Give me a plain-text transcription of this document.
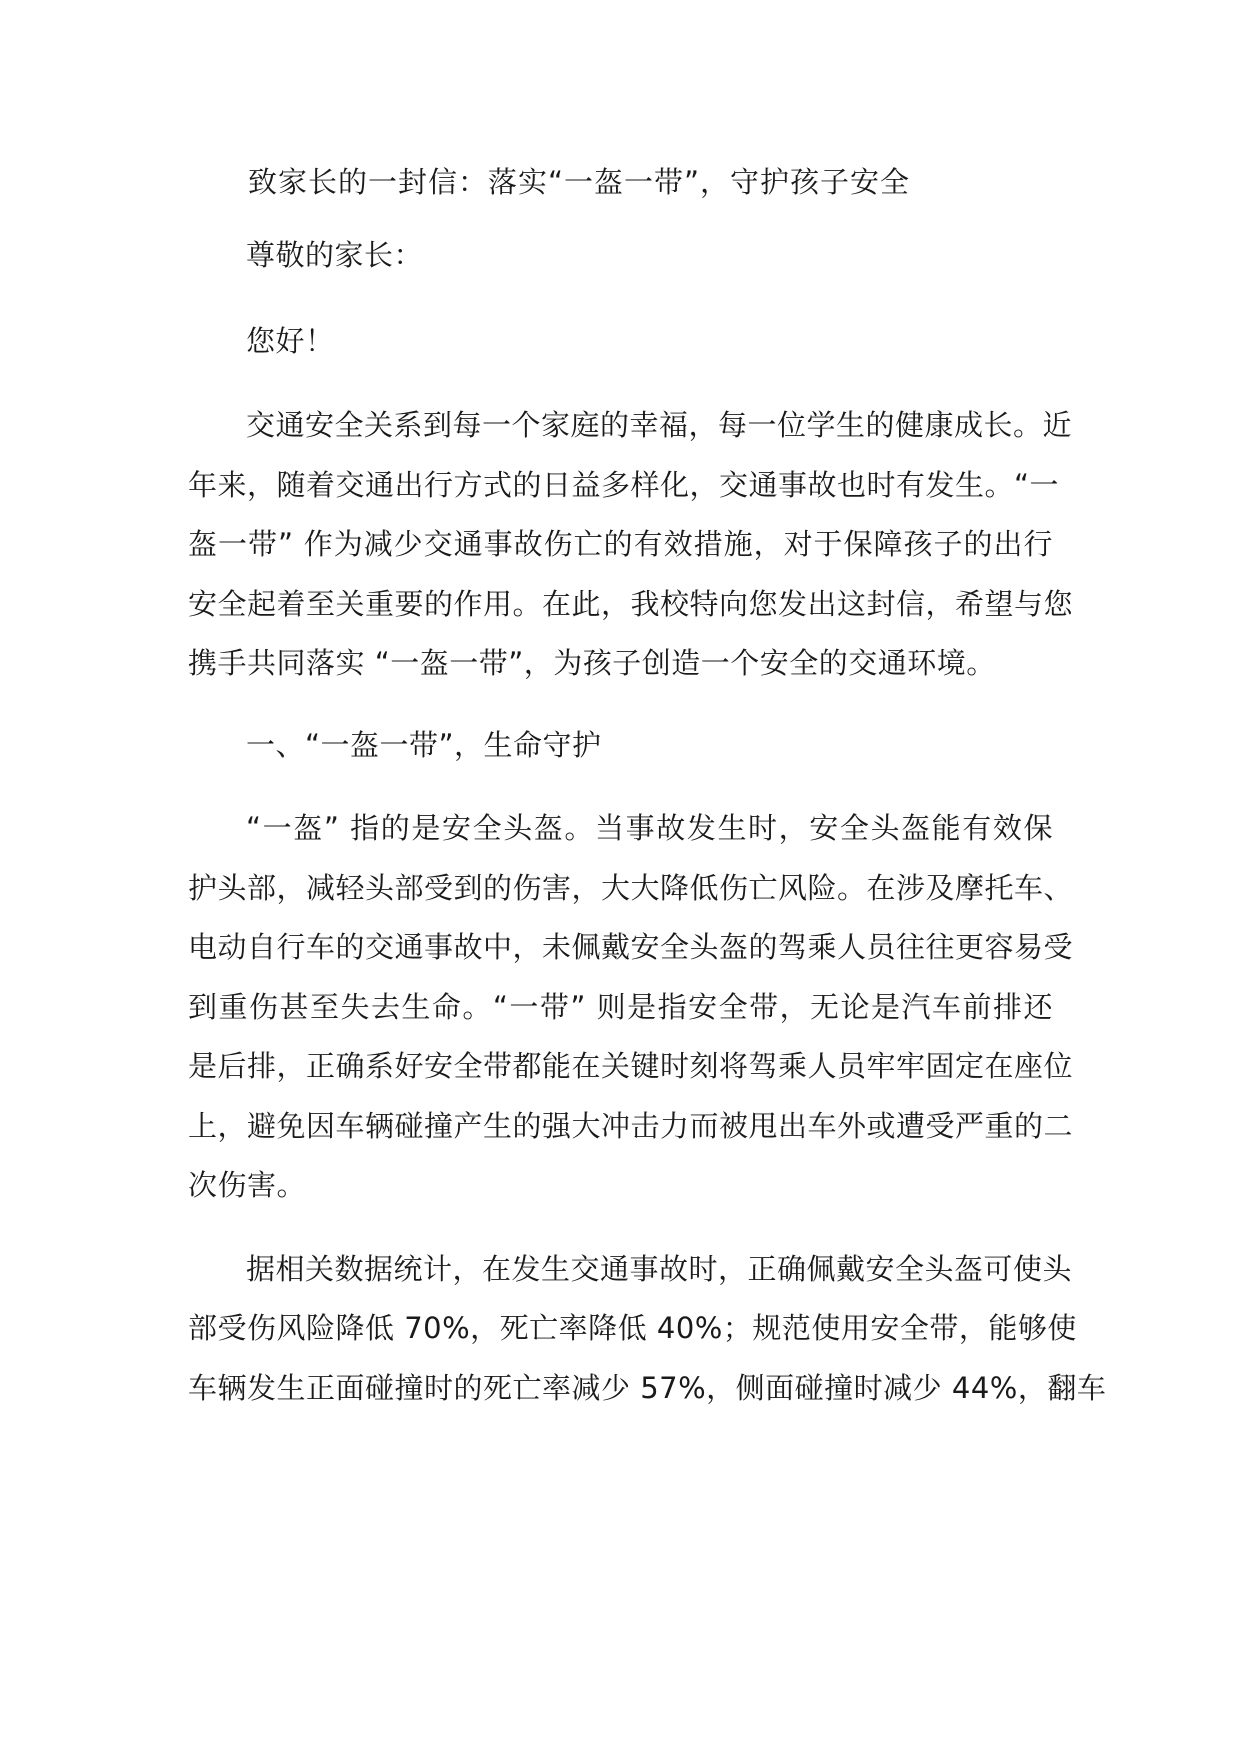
致家长的一封信：落实“一盔一带”，守护孩子安全
尊敬的家长：
您好！
交通安全关系到每一个家庭的幸福，每一位学生的健康成长。近
年来，随着交通出行方式的日益多样化，交通事故也时有发生。“一
盔一带” 作为减少交通事故伤亡的有效措施，对于保障孩子的出行
安全起着至关重要的作用。在此，我校特向您发出这封信，希望与您
携手共同落实 “一盔一带”，为孩子创造一个安全的交通环境。
一、“一盔一带”，生命守护
“一盔” 指的是安全头盔。当事故发生时，安全头盔能有效保
护头部，减轻头部受到的伤害，大大降低伤亡风险。在涉及摩托车、
电动自行车的交通事故中，未佩戴安全头盔的驾乘人员往往更容易受
到重伤甚至失去生命。“一带” 则是指安全带，无论是汽车前排还
是后排，正确系好安全带都能在关键时刻将驾乘人员牢牢固定在座位
上，避免因车辆碰撞产生的强大冲击力而被甩出车外或遭受严重的二
次伤害。
据相关数据统计，在发生交通事故时，正确佩戴安全头盔可使头
部受伤风险降低 70%，死亡率降低 40%；规范使用安全带，能够使
车辆发生正面碰撞时的死亡率减少 57%，侧面碰撞时减少 44%，翻车
